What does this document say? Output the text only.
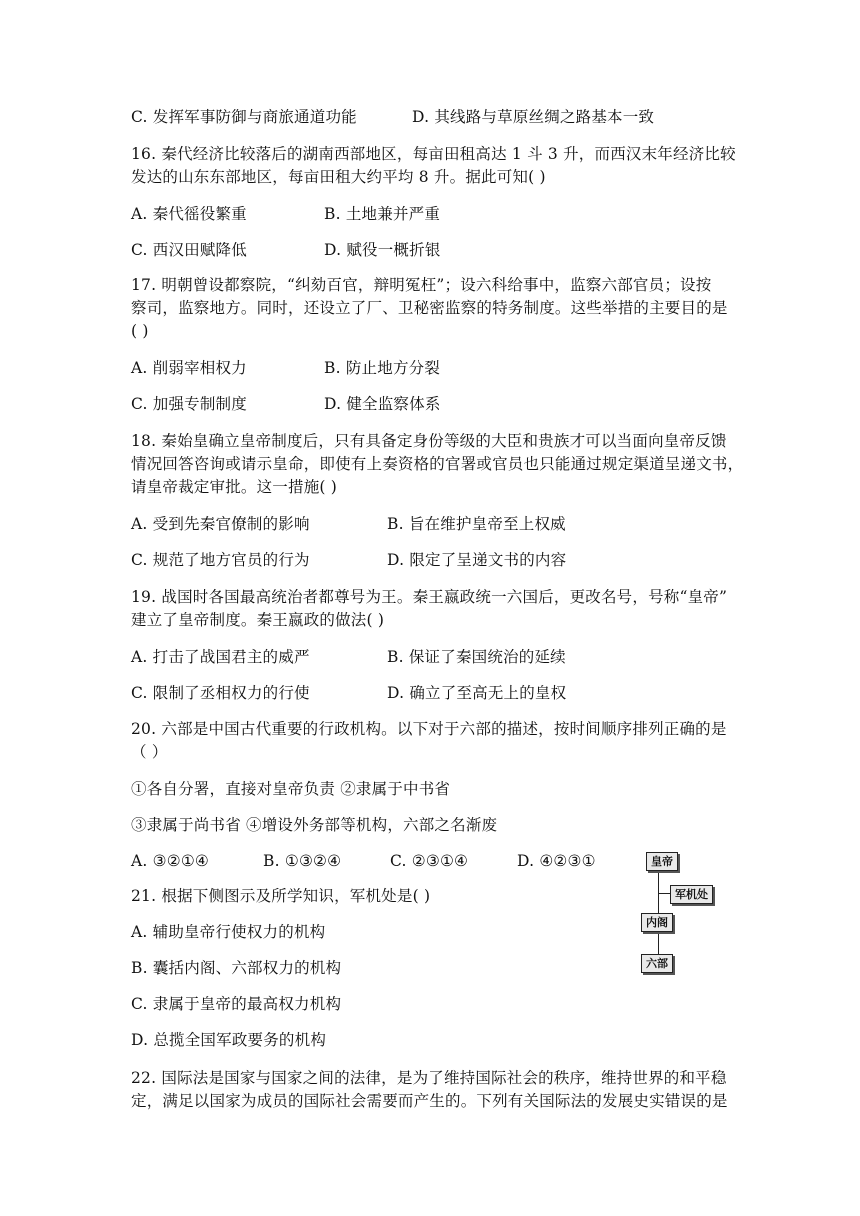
C. 发挥军事防御与商旅通道功能	D. 其线路与草原丝绸之路基本一致
16. 秦代经济比较落后的湖南西部地区，每亩田租高达 1 斗 3 升，而西汉末年经济比较
发达的山东东部地区，每亩田租大约平均 8 升。据此可知( )
A. 秦代徭役繁重	B. 土地兼并严重
C. 西汉田赋降低	D. 赋役一概折银
17. 明朝曾设都察院，“纠劾百官，辩明冤枉”；设六科给事中，监察六部官员；设按
察司，监察地方。同时，还设立了厂、卫秘密监察的特务制度。这些举措的主要目的是
( )
A. 削弱宰相权力	B. 防止地方分裂
C. 加强专制制度	D. 健全监察体系
18. 秦始皇确立皇帝制度后，只有具备定身份等级的大臣和贵族才可以当面向皇帝反馈
情况回答咨询或请示皇命，即使有上奏资格的官署或官员也只能通过规定渠道呈递文书，
请皇帝裁定审批。这一措施( )
A. 受到先秦官僚制的影响	B. 旨在维护皇帝至上权威
C. 规范了地方官员的行为	D. 限定了呈递文书的内容
19. 战国时各国最高统治者都尊号为王。秦王嬴政统一六国后，更改名号，号称“皇帝”
建立了皇帝制度。秦王嬴政的做法( )
A. 打击了战国君主的威严	B. 保证了秦国统治的延续
C. 限制了丞相权力的行使	D. 确立了至高无上的皇权
20. 六部是中国古代重要的行政机构。以下对于六部的描述，按时间顺序排列正确的是
（ ）
①各自分署，直接对皇帝负责 ②隶属于中书省
③隶属于尚书省 ④增设外务部等机构，六部之名渐废
A. ③②①④	B. ①③②④	C. ②③①④	D. ④②③①
21. 根据下侧图示及所学知识，军机处是( )
A. 辅助皇帝行使权力的机构
B. 囊括内阁、六部权力的机构
C. 隶属于皇帝的最高权力机构
D. 总揽全国军政要务的机构
皇帝
军机处
内阁
六部
22. 国际法是国家与国家之间的法律，是为了维持国际社会的秩序，维持世界的和平稳
定，满足以国家为成员的国际社会需要而产生的。下列有关国际法的发展史实错误的是
